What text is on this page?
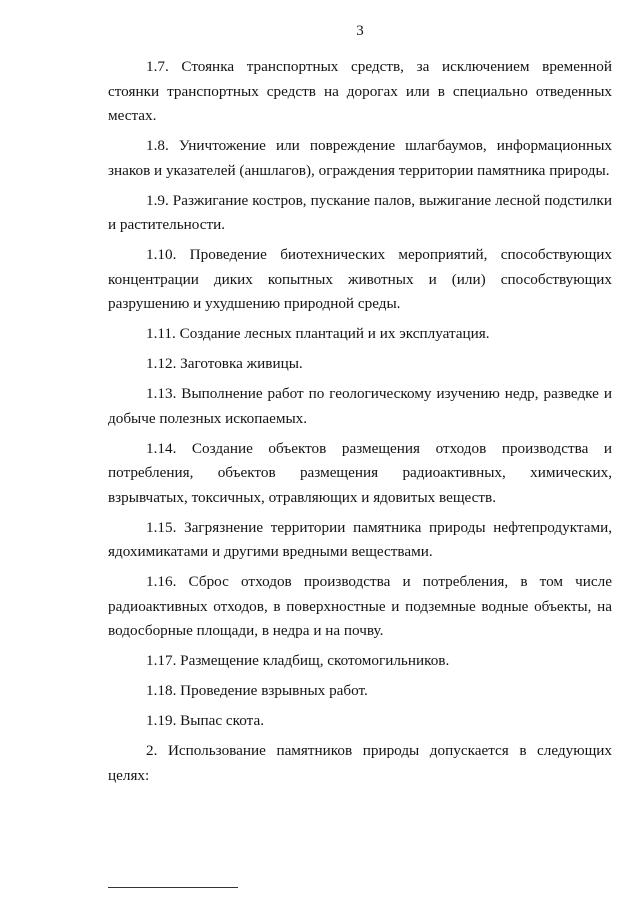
3

1.7. Стоянка транспортных средств, за исключением временной стоянки транспортных средств на дорогах или в специально отведенных местах.

1.8. Уничтожение или повреждение шлагбаумов, информационных знаков и указателей (аншлагов), ограждения территории памятника природы.

1.9. Разжигание костров, пускание палов, выжигание лесной подстилки и растительности.

1.10. Проведение биотехнических мероприятий, способствующих концентрации диких копытных животных и (или) способствующих разрушению и ухудшению природной среды.

1.11. Создание лесных плантаций и их эксплуатация.

1.12. Заготовка живицы.

1.13. Выполнение работ по геологическому изучению недр, разведке и добыче полезных ископаемых.

1.14. Создание объектов размещения отходов производства и потребления, объектов размещения радиоактивных, химических, взрывчатых, токсичных, отравляющих и ядовитых веществ.

1.15. Загрязнение территории памятника природы нефтепродуктами, ядохимикатами и другими вредными веществами.

1.16. Сброс отходов производства и потребления, в том числе радиоактивных отходов, в поверхностные и подземные водные объекты, на водосборные площади, в недра и на почву.

1.17. Размещение кладбищ, скотомогильников.

1.18. Проведение взрывных работ.

1.19. Выпас скота.

2. Использование памятников природы допускается в следующих целях:
